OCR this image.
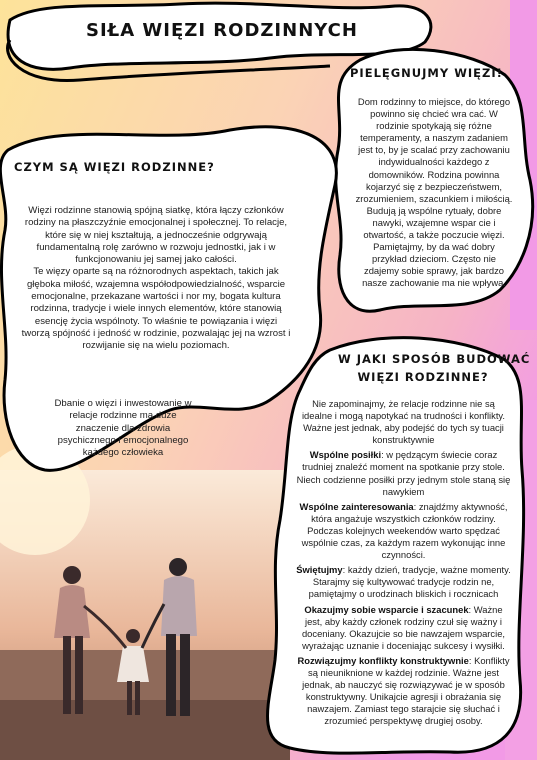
SIŁA WIĘZI RODZINNYCH
PIELĘGNUJMY WIĘZI!
Dom rodzinny to miejsce, do którego powinno się chcieć wra cać. W rodzinie spotykają się różne temperamenty, a naszym zadaniem jest to, by je scalać przy zachowaniu indywidualności każdego z domowników. Rodzina powinna kojarzyć się z bezpieczeństwem, zrozumieniem, szacunkiem i miłością. Budują ją wspólne rytuały, dobre nawyki, wzajemne wspar cie i otwartość, a także poczucie więzi. Pamiętajmy, by da wać dobry przykład dzieciom. Często nie zdajemy sobie sprawy, jak bardzo nasze zachowanie ma nie wpływa.
CZYM SĄ WIĘZI RODZINNE?

Więzi rodzinne stanowią spójną siatkę, która łączy członków rodziny na płaszczyźnie emocjonalnej i społecznej. To relacje, które się w niej kształtują, a jednocześnie odgrywają fundamentalną rolę zarówno w rozwoju jednostki, jak i w funkcjonowaniu jej samej jako całości.

Te więzy oparte są na różnorodnych aspektach, takich jak głęboka miłość, wzajemna współodpowiedzialność, wsparcie emocjonalne, przekazane wartości i nor my, bogata kultura rodzinna, tradycje i wiele innych elementów, które stanowią esencję życia wspólnoty. To właśnie te powiązania i więzi tworzą spójność i jedność w rodzinie, pozwalając jej na wzrost i rozwijanie się na wielu poziomach.

Dbanie o więzi i inwestowanie w relacje rodzinne ma duże znaczenie dla zdrowia psychicznego i emocjonalnego każdego człowieka
W JAKI SPOSÓB BUDOWAĆ
WIĘZI RODZINNE?
Nie zapominajmy, że relacje rodzinne nie są idealne i mogą napotykać na trudności i konflikty. Ważne jest jednak, aby podejść do tych sy tuacji konstruktywnie
Wspólne posiłki: w pędzącym świecie coraz trudniej znaleźć moment na spotkanie przy stole. Niech codzienne posiłki przy jednym stole staną się nawykiem
Wspólne zainteresowania: znajdźmy aktywność, która angażuje wszystkich członków rodziny. Podczas kolejnych weekendów warto spędzać wspólnie czas, za każdym razem wykonując inne czynności.
Świętujmy: każdy dzień, tradycje, ważne momenty. Starajmy się kultywować tradycje rodzin ne, pamiętajmy o urodzinach bliskich i rocznicach
Okazujmy sobie wsparcie i szacunek: Ważne jest, aby każdy członek rodziny czuł się ważny i doceniany. Okazujcie so bie nawzajem wsparcie, wyrażając uznanie i doceniając sukcesy i wysiłki.
Rozwiązujmy konflikty konstruktywnie: Konflikty są nieuniknione w każdej rodzinie. Ważne jest jednak, ab nauczyć się rozwiązywać je w sposób konstruktywny. Unikajcie agresji i obrażania się nawzajem. Zamiast tego starajcie się słuchać i zrozumieć perspektywę drugiej osoby.
